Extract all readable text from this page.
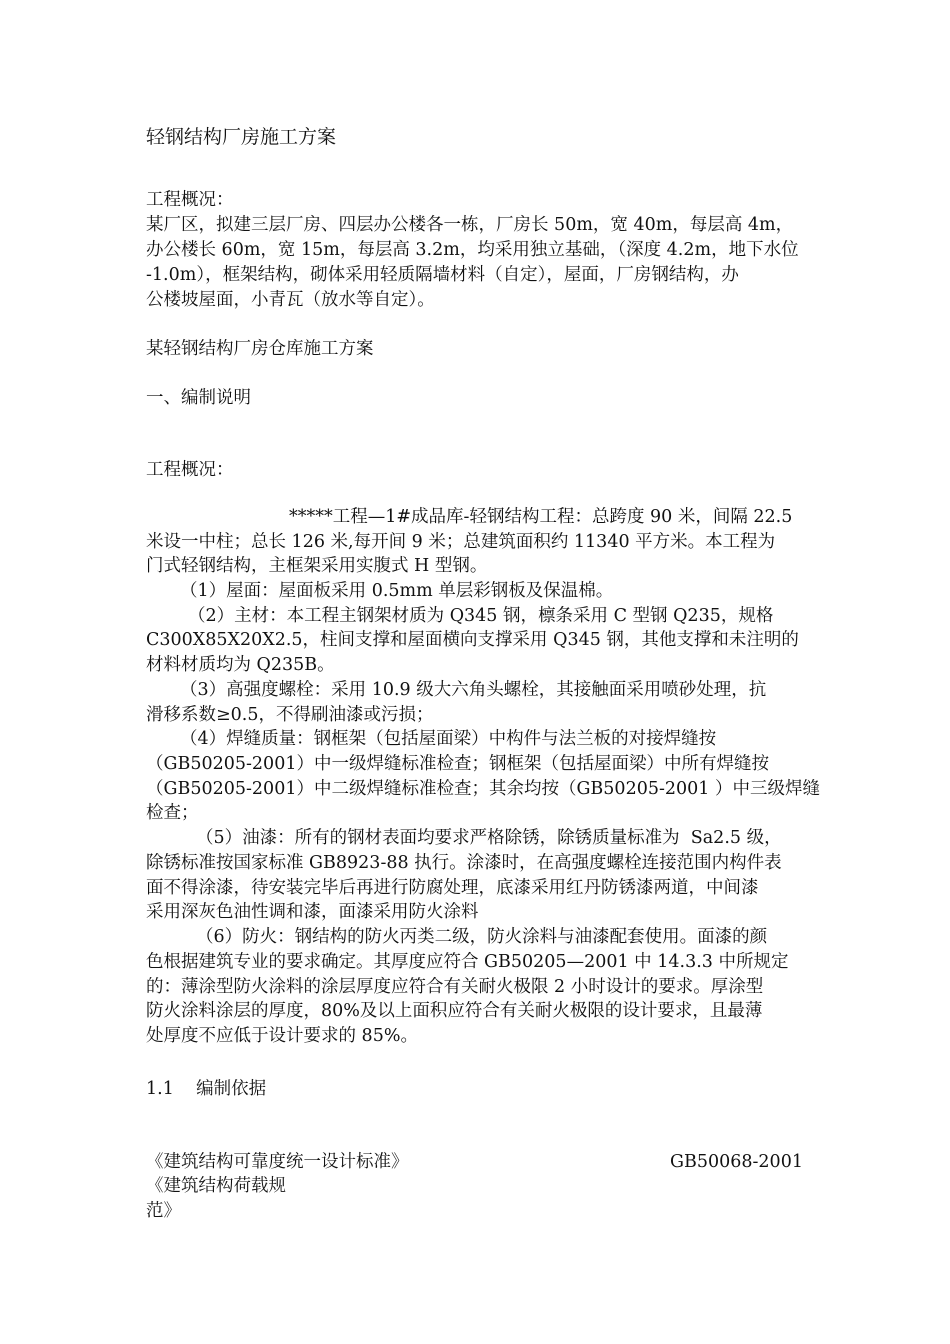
轻钢结构厂房施工方案
工程概况：
某厂区，拟建三层厂房、四层办公楼各一栋，厂房长 50m，宽 40m，每层高 4m，
办公楼长 60m，宽 15m，每层高 3.2m，均采用独立基础，（深度 4.2m，地下水位
-1.0m），框架结构，砌体采用轻质隔墙材料（自定），屋面，厂房钢结构，办
公楼坡屋面，小青瓦（放水等自定）。
某轻钢结构厂房仓库施工方案
一、编制说明
工程概况：
*****工程—1#成品库-轻钢结构工程：总跨度 90 米，间隔 22.5
米设一中柱；总长 126 米,每开间 9 米；总建筑面积约 11340 平方米。本工程为
门式轻钢结构，主框架采用实腹式 H 型钢。
（1）屋面：屋面板采用 0.5mm 单层彩钢板及保温棉。
（2）主材：本工程主钢架材质为 Q345 钢，檩条采用 C 型钢 Q235，规格
C300X85X20X2.5，柱间支撑和屋面横向支撑采用 Q345 钢，其他支撑和未注明的
材料材质均为 Q235B。
（3）高强度螺栓：采用 10.9 级大六角头螺栓，其接触面采用喷砂处理，抗
滑移系数≥0.5，不得刷油漆或污损；
（4）焊缝质量：钢框架（包括屋面梁）中构件与法兰板的对接焊缝按
（GB50205-2001）中一级焊缝标准检查；钢框架（包括屋面梁）中所有焊缝按
（GB50205-2001）中二级焊缝标准检查；其余均按（GB50205-2001 ）中三级焊缝
检查；
（5）油漆：所有的钢材表面均要求严格除锈，除锈质量标准为  Sa2.5 级，
除锈标准按国家标准 GB8923-88 执行。涂漆时，在高强度螺栓连接范围内构件表
面不得涂漆，待安装完毕后再进行防腐处理，底漆采用红丹防锈漆两道，中间漆
采用深灰色油性调和漆，面漆采用防火涂料
（6）防火：钢结构的防火丙类二级，防火涂料与油漆配套使用。面漆的颜
色根据建筑专业的要求确定。其厚度应符合 GB50205—2001 中 14.3.3 中所规定
的：薄涂型防火涂料的涂层厚度应符合有关耐火极限 2 小时设计的要求。厚涂型
防火涂料涂层的厚度，80%及以上面积应符合有关耐火极限的设计要求，且最薄
处厚度不应低于设计要求的 85%。
1.1    编制依据
《建筑结构可靠度统一设计标准》	GB50068-2001
《建筑结构荷载规
范》
